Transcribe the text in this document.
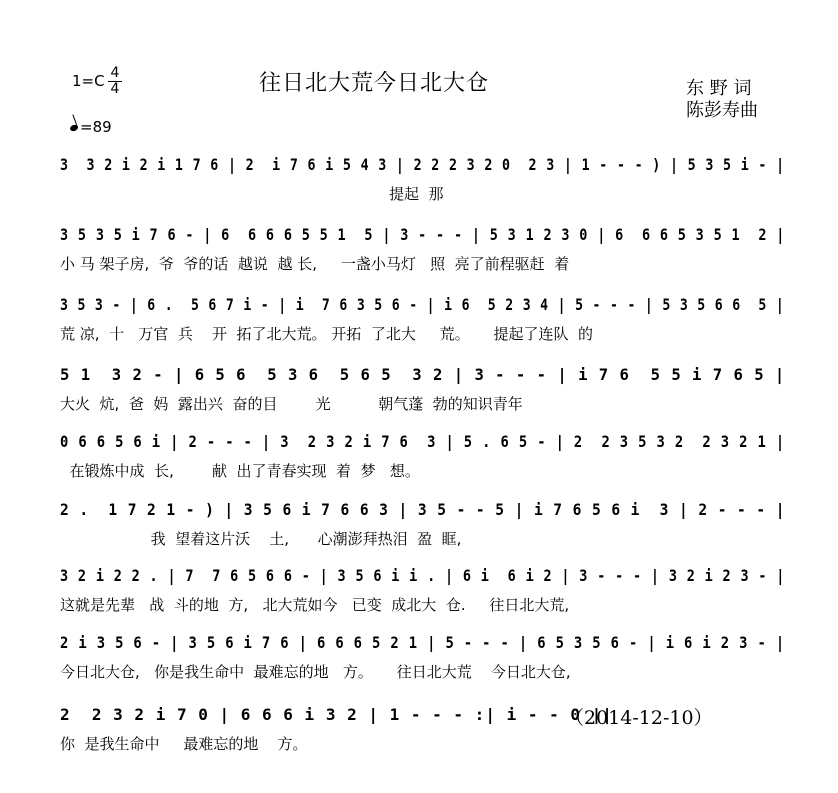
往日北大荒今日北大仓	东 野 词
陈彭寿曲
1=C 4
4
=89
3  3 2 i 2 i 1 7 6 | 2  i 7 6 i 5 4 3 | 2 2 2 3 2 0  2 3 | 1 - - - ) | 5 3 5 i - |
提起  那
3 5 3 5 i 7 6 - | 6  6 6 6 5 5 1  5 | 3 - - - | 5 3 1 2 3 0 | 6  6 6 5 3 5 1  2 |
小 马 架子房,  爷  爷的话  越说  越 长,     一盏小马灯   照  亮了前程驱赶  着
3 5 3 - | 6 .  5 6 7 i - | i  7 6 3 5 6 - | i 6  5 2 3 4 | 5 - - - | 5 3 5 6 6  5 |
荒 凉,  十   万官  兵    开  拓了北大荒。 开拓  了北大     荒。     提起了连队  的
5 1  3 2 - | 6 5 6  5 3 6  5 6 5  3 2 | 3 - - - | i 7 6  5 5 i 7 6 5 |
大火  炕,  爸  妈  露出兴  奋的目        光          朝气蓬  勃的知识青年
0 6 6 5 6 i | 2 - - - | 3  2 3 2 i 7 6  3 | 5 . 6 5 - | 2  2 3 5 3 2  2 3 2 1 |
在锻炼中成  长,        献  出了青春实现  着  梦   想。
2 .  1 7 2 1 - ) | 3 5 6 i 7 6 6 3 | 3 5 - - 5 | i 7 6 5 6 i  3 | 2 - - - |
我  望着这片沃    土,      心潮澎拜热泪  盈  眶,
3 2 i 2 2 . | 7  7 6 5 6 6 - | 3 5 6 i i . | 6 i  6 i 2 | 3 - - - | 3 2 i 2 3 - |
这就是先辈   战  斗的地  方,   北大荒如今   已变  成北大  仓.     往日北大荒,
2 i 3 5 6 - | 3 5 6 i 7 6 | 6 6 6 5 2 1 | 5 - - - | 6 5 3 5 6 - | i 6 i 2 3 - |
今日北大仓,   你是我生命中  最难忘的地   方。     往日北大荒    今日北大仓,
2  2 3 2 i 7 0 | 6 6 6 i 3 2 | 1 - - - :| i - - 0 ||
你  是我生命中     最难忘的地    方。
（2014-12-10）
